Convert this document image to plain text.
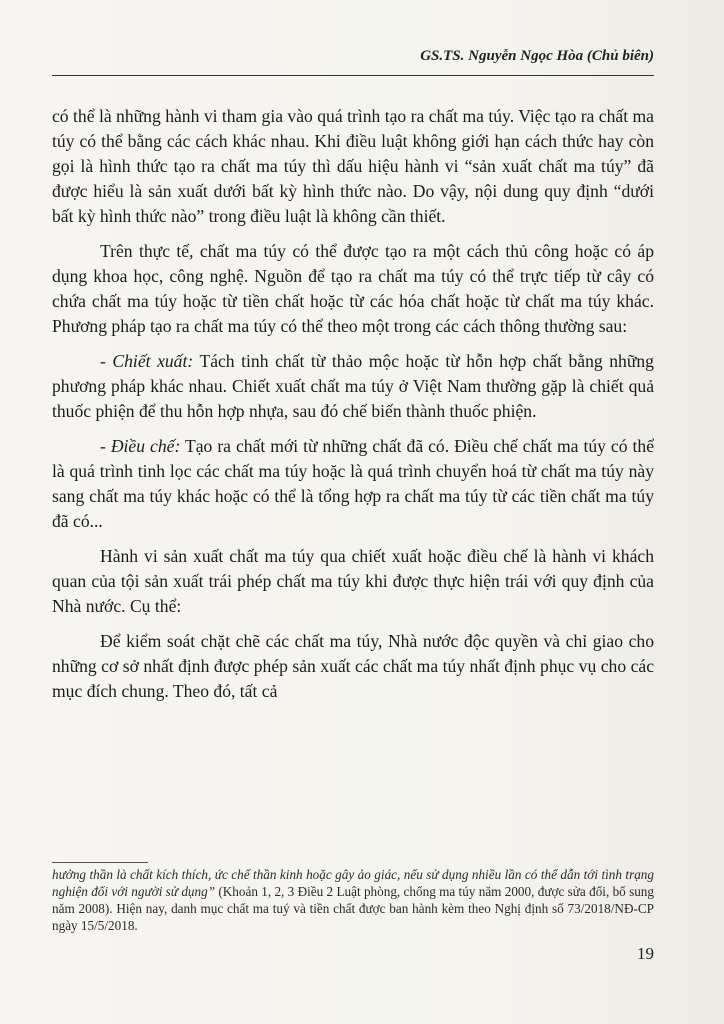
GS.TS. Nguyễn Ngọc Hòa (Chủ biên)

có thể là những hành vi tham gia vào quá trình tạo ra chất ma túy. Việc tạo ra chất ma túy có thể bằng các cách khác nhau. Khi điều luật không giới hạn cách thức hay còn gọi là hình thức tạo ra chất ma túy thì dấu hiệu hành vi “sản xuất chất ma túy” đã được hiểu là sản xuất dưới bất kỳ hình thức nào. Do vậy, nội dung quy định “dưới bất kỳ hình thức nào” trong điều luật là không cần thiết.

Trên thực tế, chất ma túy có thể được tạo ra một cách thủ công hoặc có áp dụng khoa học, công nghệ. Nguồn để tạo ra chất ma túy có thể trực tiếp từ cây có chứa chất ma túy hoặc từ tiền chất hoặc từ các hóa chất hoặc từ chất ma túy khác. Phương pháp tạo ra chất ma túy có thể theo một trong các cách thông thường sau:

- Chiết xuất: Tách tinh chất từ thảo mộc hoặc từ hỗn hợp chất bằng những phương pháp khác nhau. Chiết xuất chất ma túy ở Việt Nam thường gặp là chiết quả thuốc phiện để thu hỗn hợp nhựa, sau đó chế biến thành thuốc phiện.

- Điều chế: Tạo ra chất mới từ những chất đã có. Điều chế chất ma túy có thể là quá trình tinh lọc các chất ma túy hoặc là quá trình chuyển hoá từ chất ma túy này sang chất ma túy khác hoặc có thể là tổng hợp ra chất ma túy từ các tiền chất ma túy đã có...

Hành vi sản xuất chất ma túy qua chiết xuất hoặc điều chế là hành vi khách quan của tội sản xuất trái phép chất ma túy khi được thực hiện trái với quy định của Nhà nước. Cụ thể:

Để kiểm soát chặt chẽ các chất ma túy, Nhà nước độc quyền và chỉ giao cho những cơ sở nhất định được phép sản xuất các chất ma túy nhất định phục vụ cho các mục đích chung. Theo đó, tất cả

hưởng thần là chất kích thích, ức chế thần kinh hoặc gây ảo giác, nếu sử dụng nhiều lần có thể dẫn tới tình trạng nghiện đối với người sử dụng” (Khoản 1, 2, 3 Điều 2 Luật phòng, chống ma túy năm 2000, được sửa đổi, bổ sung năm 2008). Hiện nay, danh mục chất ma tuý và tiền chất được ban hành kèm theo Nghị định số 73/2018/NĐ-CP ngày 15/5/2018.
19
